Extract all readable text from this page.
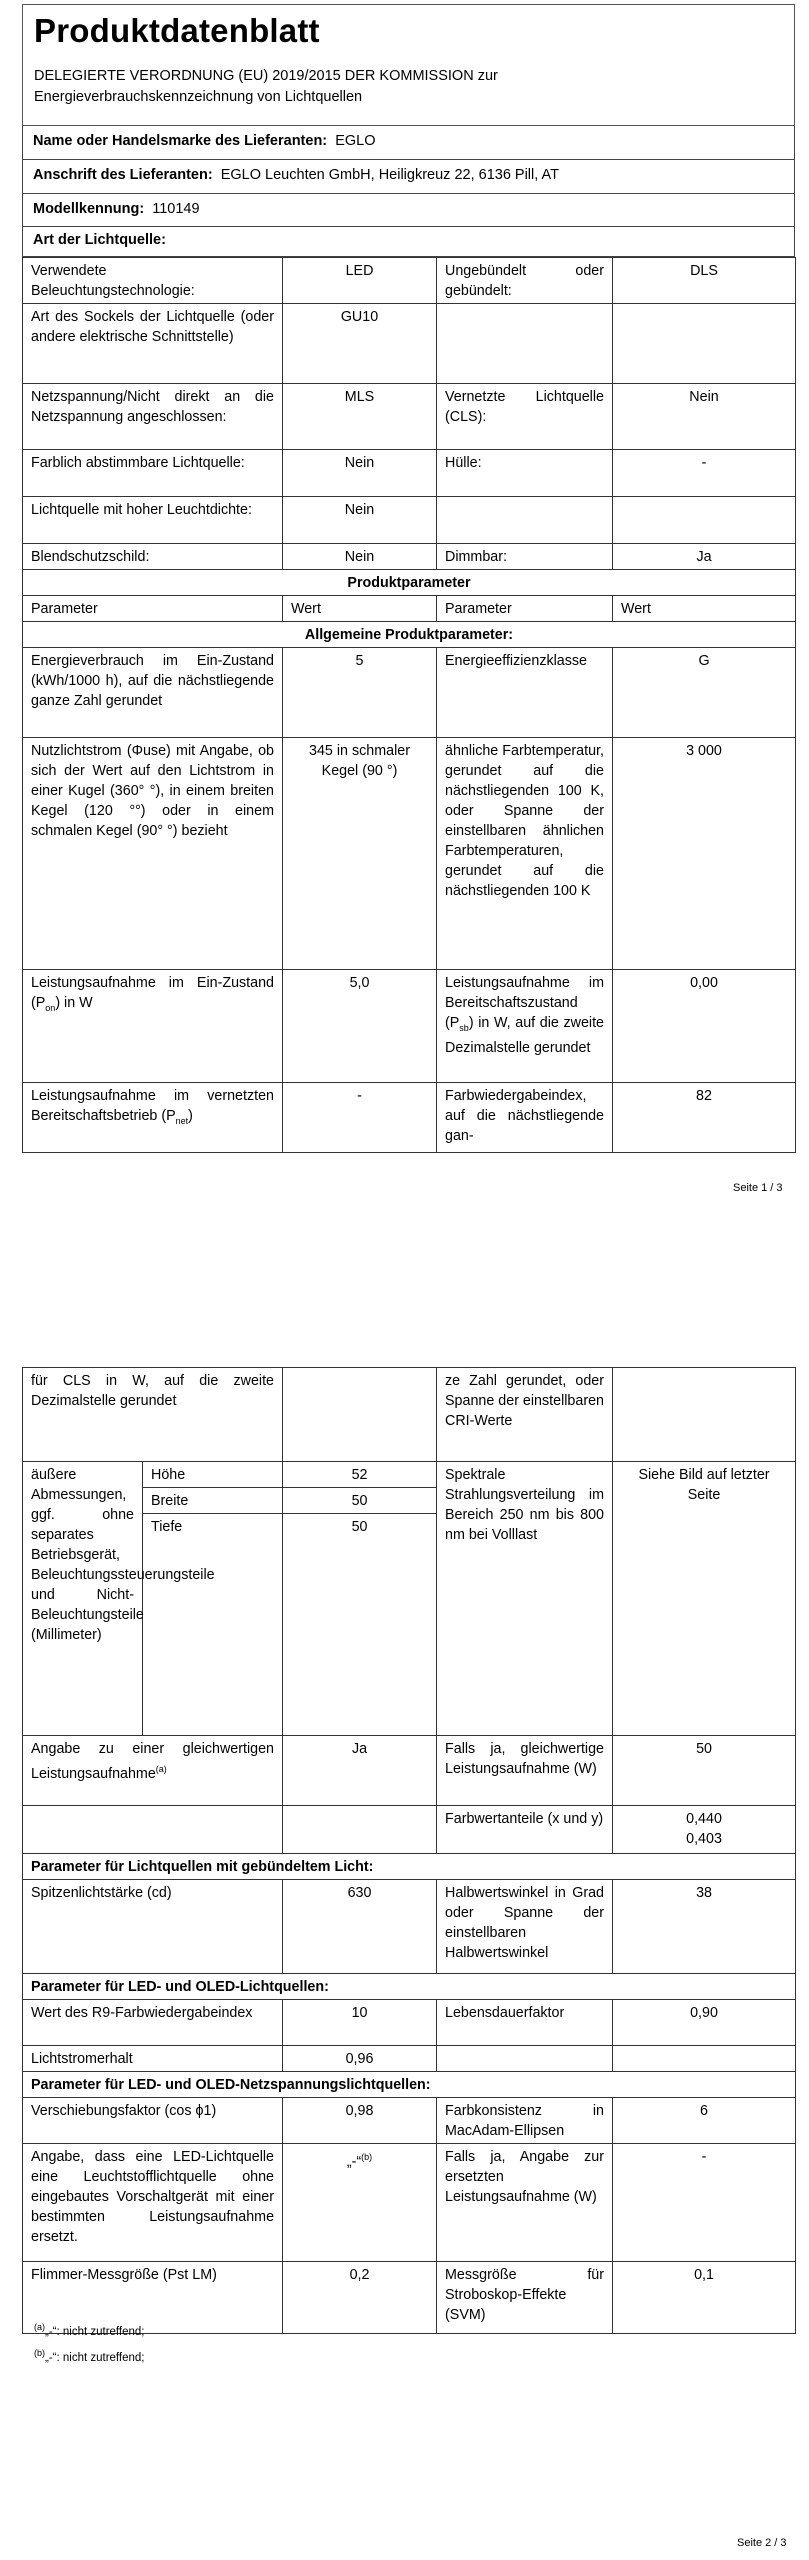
Produktdatenblatt
DELEGIERTE VERORDNUNG (EU) 2019/2015 DER KOMMISSION zur
Energieverbrauchskennzeichnung von Lichtquellen
Name oder Handelsmarke des Lieferanten: EGLO
Anschrift des Lieferanten: EGLO Leuchten GmbH, Heiligkreuz 22, 6136 Pill, AT
Modellkennung: 110149
Art der Lichtquelle:
Verwendete Beleuchtungstechnologie:	LED	Ungebündelt oder gebündelt:	DLS
Art des Sockels der Lichtquelle (oder andere elektrische Schnittstelle)	GU10		
Netzspannung/Nicht direkt an die Netzspannung angeschlossen:	MLS	Vernetzte Lichtquelle (CLS):	Nein
Farblich abstimmbare Lichtquelle:	Nein	Hülle:	-
Lichtquelle mit hoher Leuchtdichte:	Nein		
Blendschutzschild:	Nein	Dimmbar:	Ja
Produktparameter			
Parameter	Wert	Parameter	Wert
Allgemeine Produktparameter:			
Energieverbrauch im Ein-Zustand (kWh/1000 h), auf die nächstliegende ganze Zahl gerundet	5	Energieeffizienzklasse	G
Nutzlichtstrom (Φuse) mit Angabe, ob sich der Wert auf den Lichtstrom in einer Kugel (360° °), in einem breiten Kegel (120 °°) oder in einem schmalen Kegel (90° °) bezieht	345 in schmaler Kegel (90 °)	ähnliche Farbtemperatur, gerundet auf die nächstliegenden 100 K, oder Spanne der einstellbaren ähnlichen Farbtemperaturen, gerundet auf die nächstliegenden 100 K	3 000
Leistungsaufnahme im Ein-Zustand $(P_{on})$ in W	5,0	Leistungsaufnahme im Bereitschaftszustand $(P_{sb})$ in W, auf die zweite Dezimalstelle gerundet	0,00
Leistungsaufnahme im vernetzten Bereitschaftsbetrieb $(P_{net})$	-	Farbwiedergabeindex, auf die nächstliegende gan-	82
Seite 1 / 3
für CLS in W, auf die zweite Dezimalstelle gerundet			ze Zahl gerundet, oder Spanne der einstellbaren CRI-Werte	
äußere Abmessungen, ggf. ohne separates Betriebsgerät, Beleuchtungssteuerungsteile und Nicht-Beleuchtungsteile (Millimeter)	Höhe	52	Spektrale Strahlungsverteilung im Bereich 250 nm bis 800 nm bei Volllast	Siehe Bild auf letzter Seite
	Breite	50		
	Tiefe	50		
Angabe zu einer gleichwertigen Leistungsaufnahme$^{(a)}$		Ja	Falls ja, gleichwertige Leistungsaufnahme (W)	50
			Farbwertanteile (x und y)	0,440
0,403

Parameter für Lichtquellen mit gebündeltem Licht:				
Spitzenlichtstärke (cd)		630	Halbwertswinkel in Grad oder Spanne der einstellbaren Halbwertswinkel	38
Parameter für LED- und OLED-Lichtquellen:				
Wert des R9-Farbwiedergabeindex		10	Lebensdauerfaktor	0,90
Lichtstromerhalt		0,96		
Parameter für LED- und OLED-Netzspannungslichtquellen:				
Verschiebungsfaktor (cos ϕ1)		0,98	Farbkonsistenz in MacAdam-Ellipsen	6
Angabe, dass eine LED-Lichtquelle eine Leuchtstofflichtquelle ohne eingebautes Vorschaltgerät mit einer bestimmten Leistungsaufnahme ersetzt.		„-“$^{(b)}$	Falls ja, Angabe zur ersetzten Leistungsaufnahme (W)	-
Flimmer-Messgröße (Pst LM)		0,2	Messgröße für Stroboskop-Effekte (SVM)	0,1
$^{(a)}$„-“: nicht zutreffend;
$^{(b)}$„-“: nicht zutreffend;
Seite 2 / 3
